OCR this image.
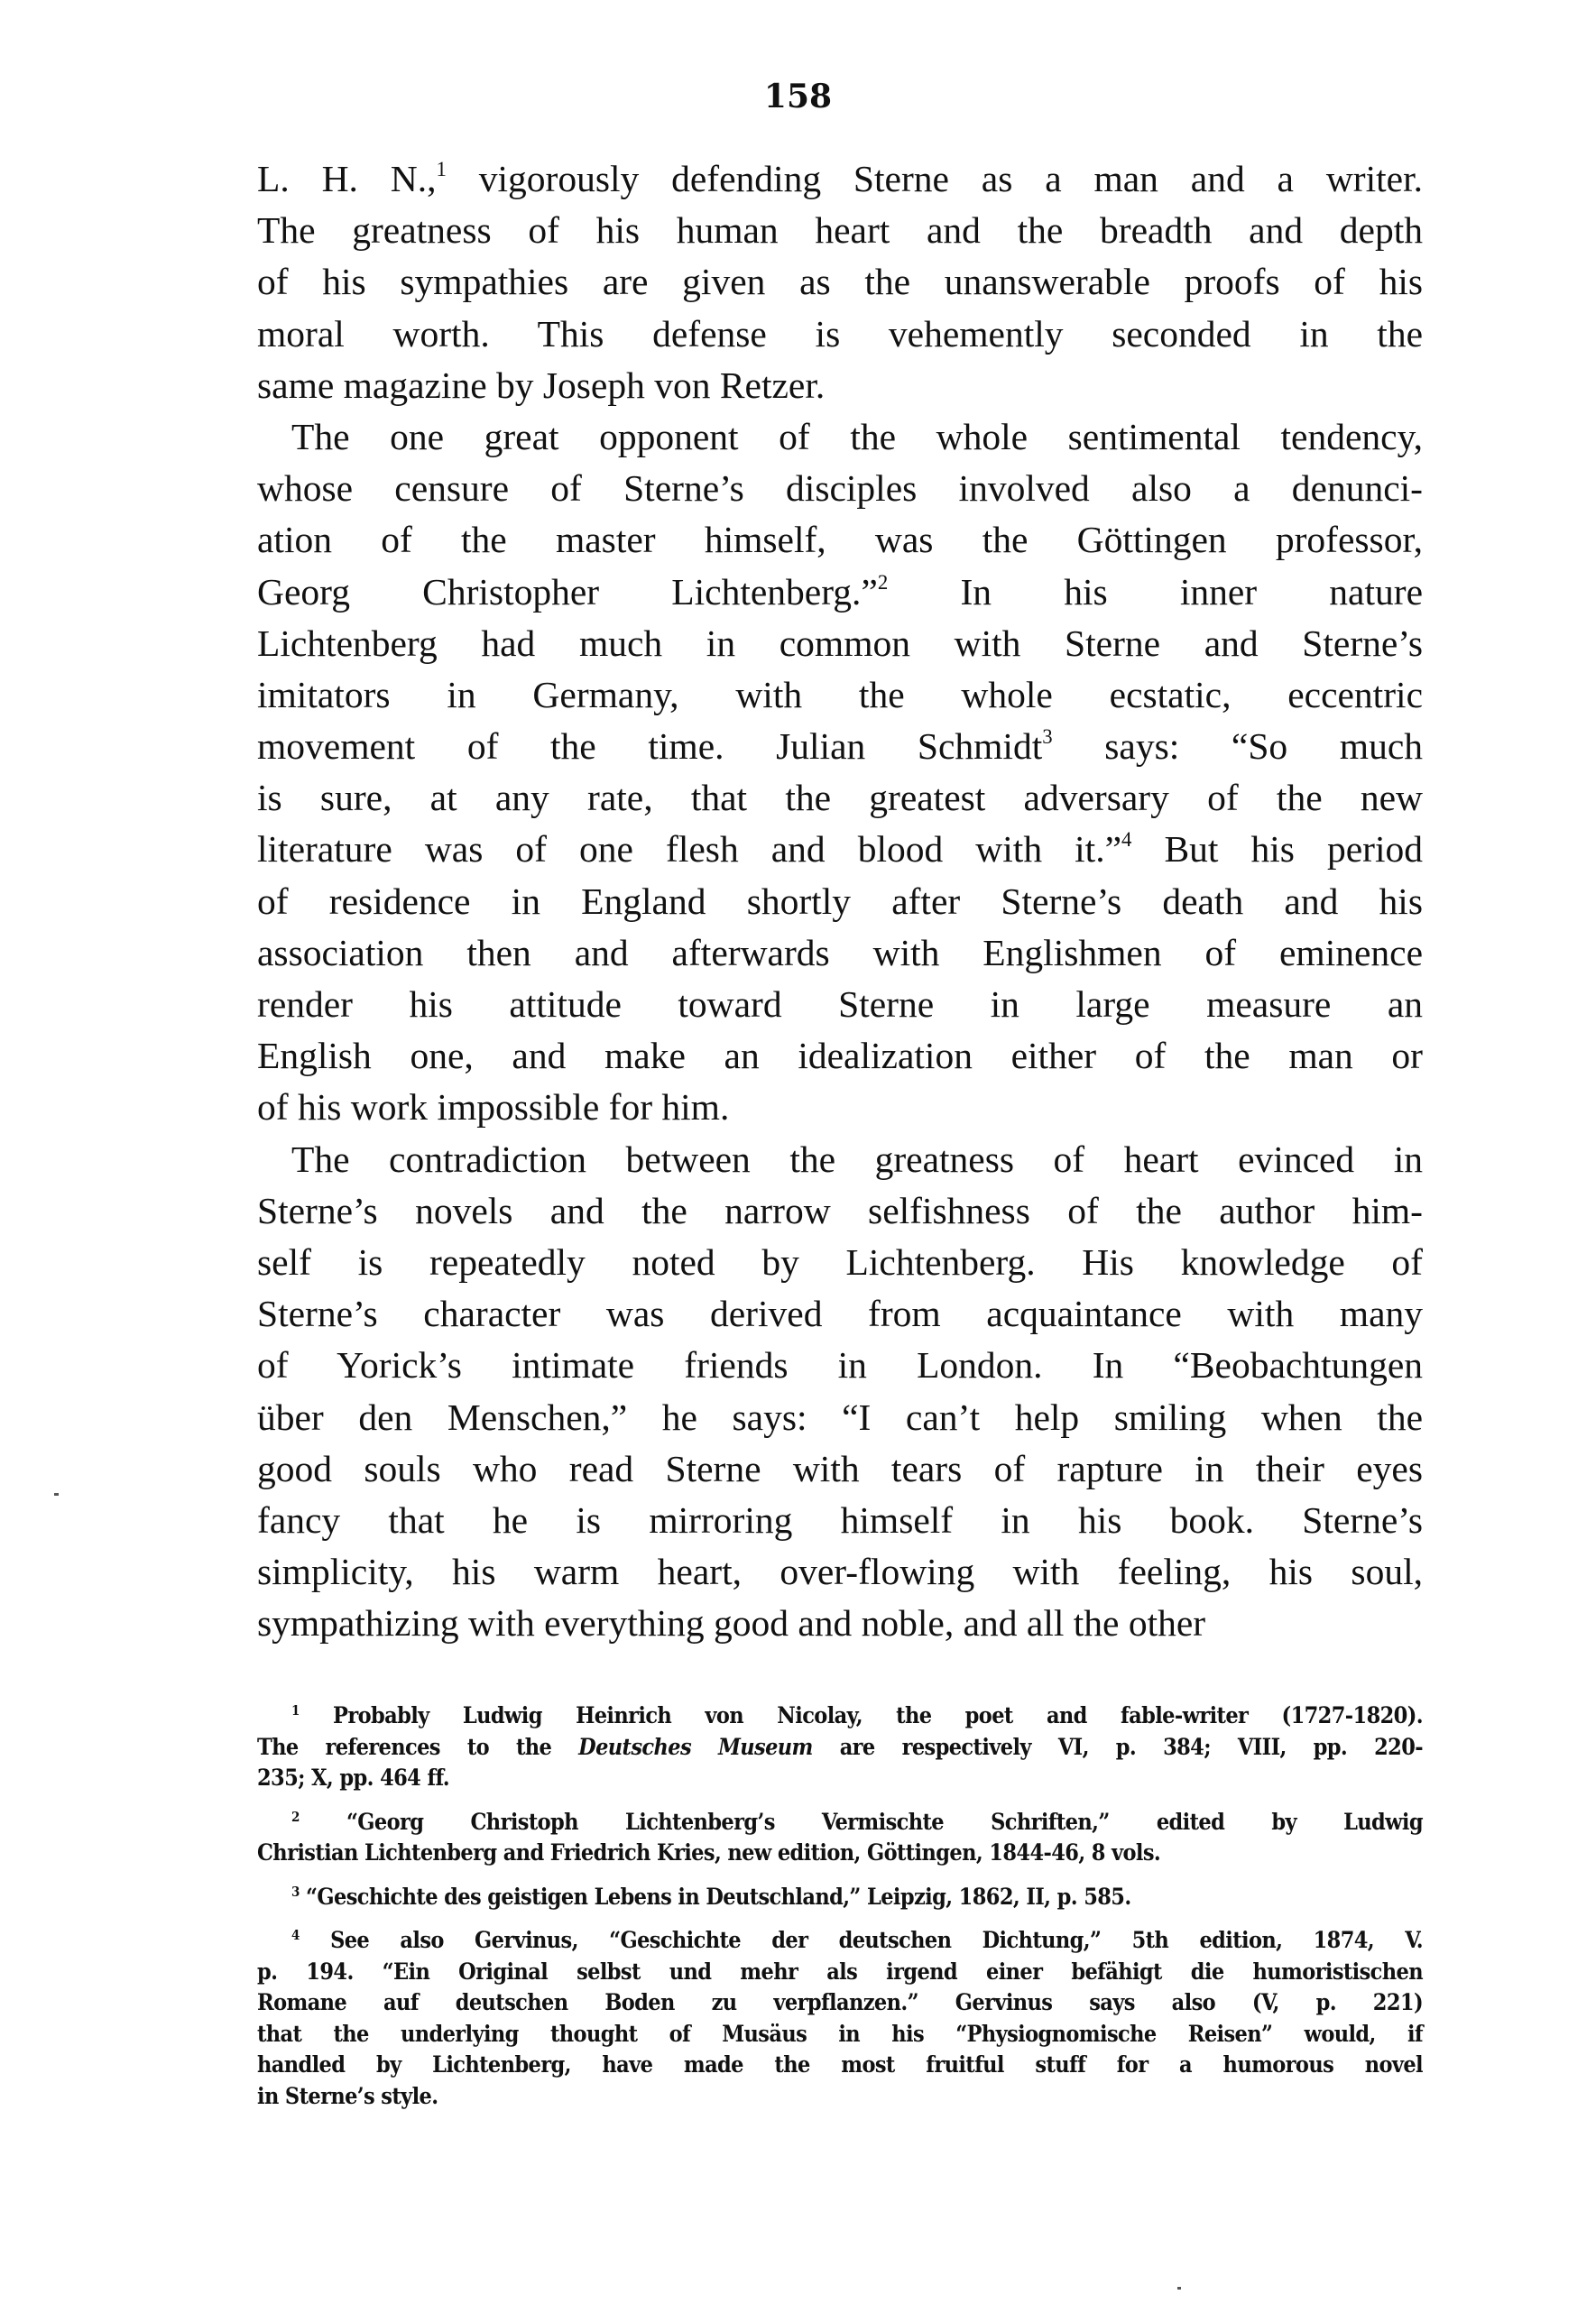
158
L. H. N.,$^1$ vigorously defending Sterne as a man and a writer.
The greatness of his human heart and the breadth and depth
of his sympathies are given as the unanswerable proofs of his
moral worth. This defense is vehemently seconded in the
same magazine by Joseph von Retzer.
The one great opponent of the whole sentimental tendency,
whose censure of Sterne’s disciples involved also a denunci-
ation of the master himself, was the Göttingen professor,
Georg Christopher Lichtenberg.”$^2$ In his inner nature
Lichtenberg had much in common with Sterne and Sterne’s
imitators in Germany, with the whole ecstatic, eccentric
movement of the time. Julian Schmidt$^3$ says: “So much
is sure, at any rate, that the greatest adversary of the new
literature was of one flesh and blood with it.”$^4$ But his period
of residence in England shortly after Sterne’s death and his
association then and afterwards with Englishmen of eminence
render his attitude toward Sterne in large measure an
English one, and make an idealization either of the man or
of his work impossible for him.
The contradiction between the greatness of heart evinced in
Sterne’s novels and the narrow selfishness of the author him-
self is repeatedly noted by Lichtenberg. His knowledge of
Sterne’s character was derived from acquaintance with many
of Yorick’s intimate friends in London. In “Beobachtungen
über den Menschen,” he says: “I can’t help smiling when the
good souls who read Sterne with tears of rapture in their eyes
fancy that he is mirroring himself in his book. Sterne’s
simplicity, his warm heart, over-flowing with feeling, his soul,
sympathizing with everything good and noble, and all the other
$^1$ Probably Ludwig Heinrich von Nicolay, the poet and fable-writer (1727-1820).
The references to the Deutsches Museum are respectively VI, p. 384; VIII, pp. 220-
235; X, pp. 464 ff.
$^2$ “Georg Christoph Lichtenberg’s Vermischte Schriften,” edited by Ludwig
Christian Lichtenberg and Friedrich Kries, new edition, Göttingen, 1844-46, 8 vols.
$^3$ “Geschichte des geistigen Lebens in Deutschland,” Leipzig, 1862, II, p. 585.
$^4$ See also Gervinus, “Geschichte der deutschen Dichtung,” 5th edition, 1874, V.
p. 194. “Ein Original selbst und mehr als irgend einer befähigt die humoristischen
Romane auf deutschen Boden zu verpflanzen.” Gervinus says also (V, p. 221)
that the underlying thought of Musäus in his “Physiognomische Reisen” would, if
handled by Lichtenberg, have made the most fruitful stuff for a humorous novel
in Sterne’s style.
